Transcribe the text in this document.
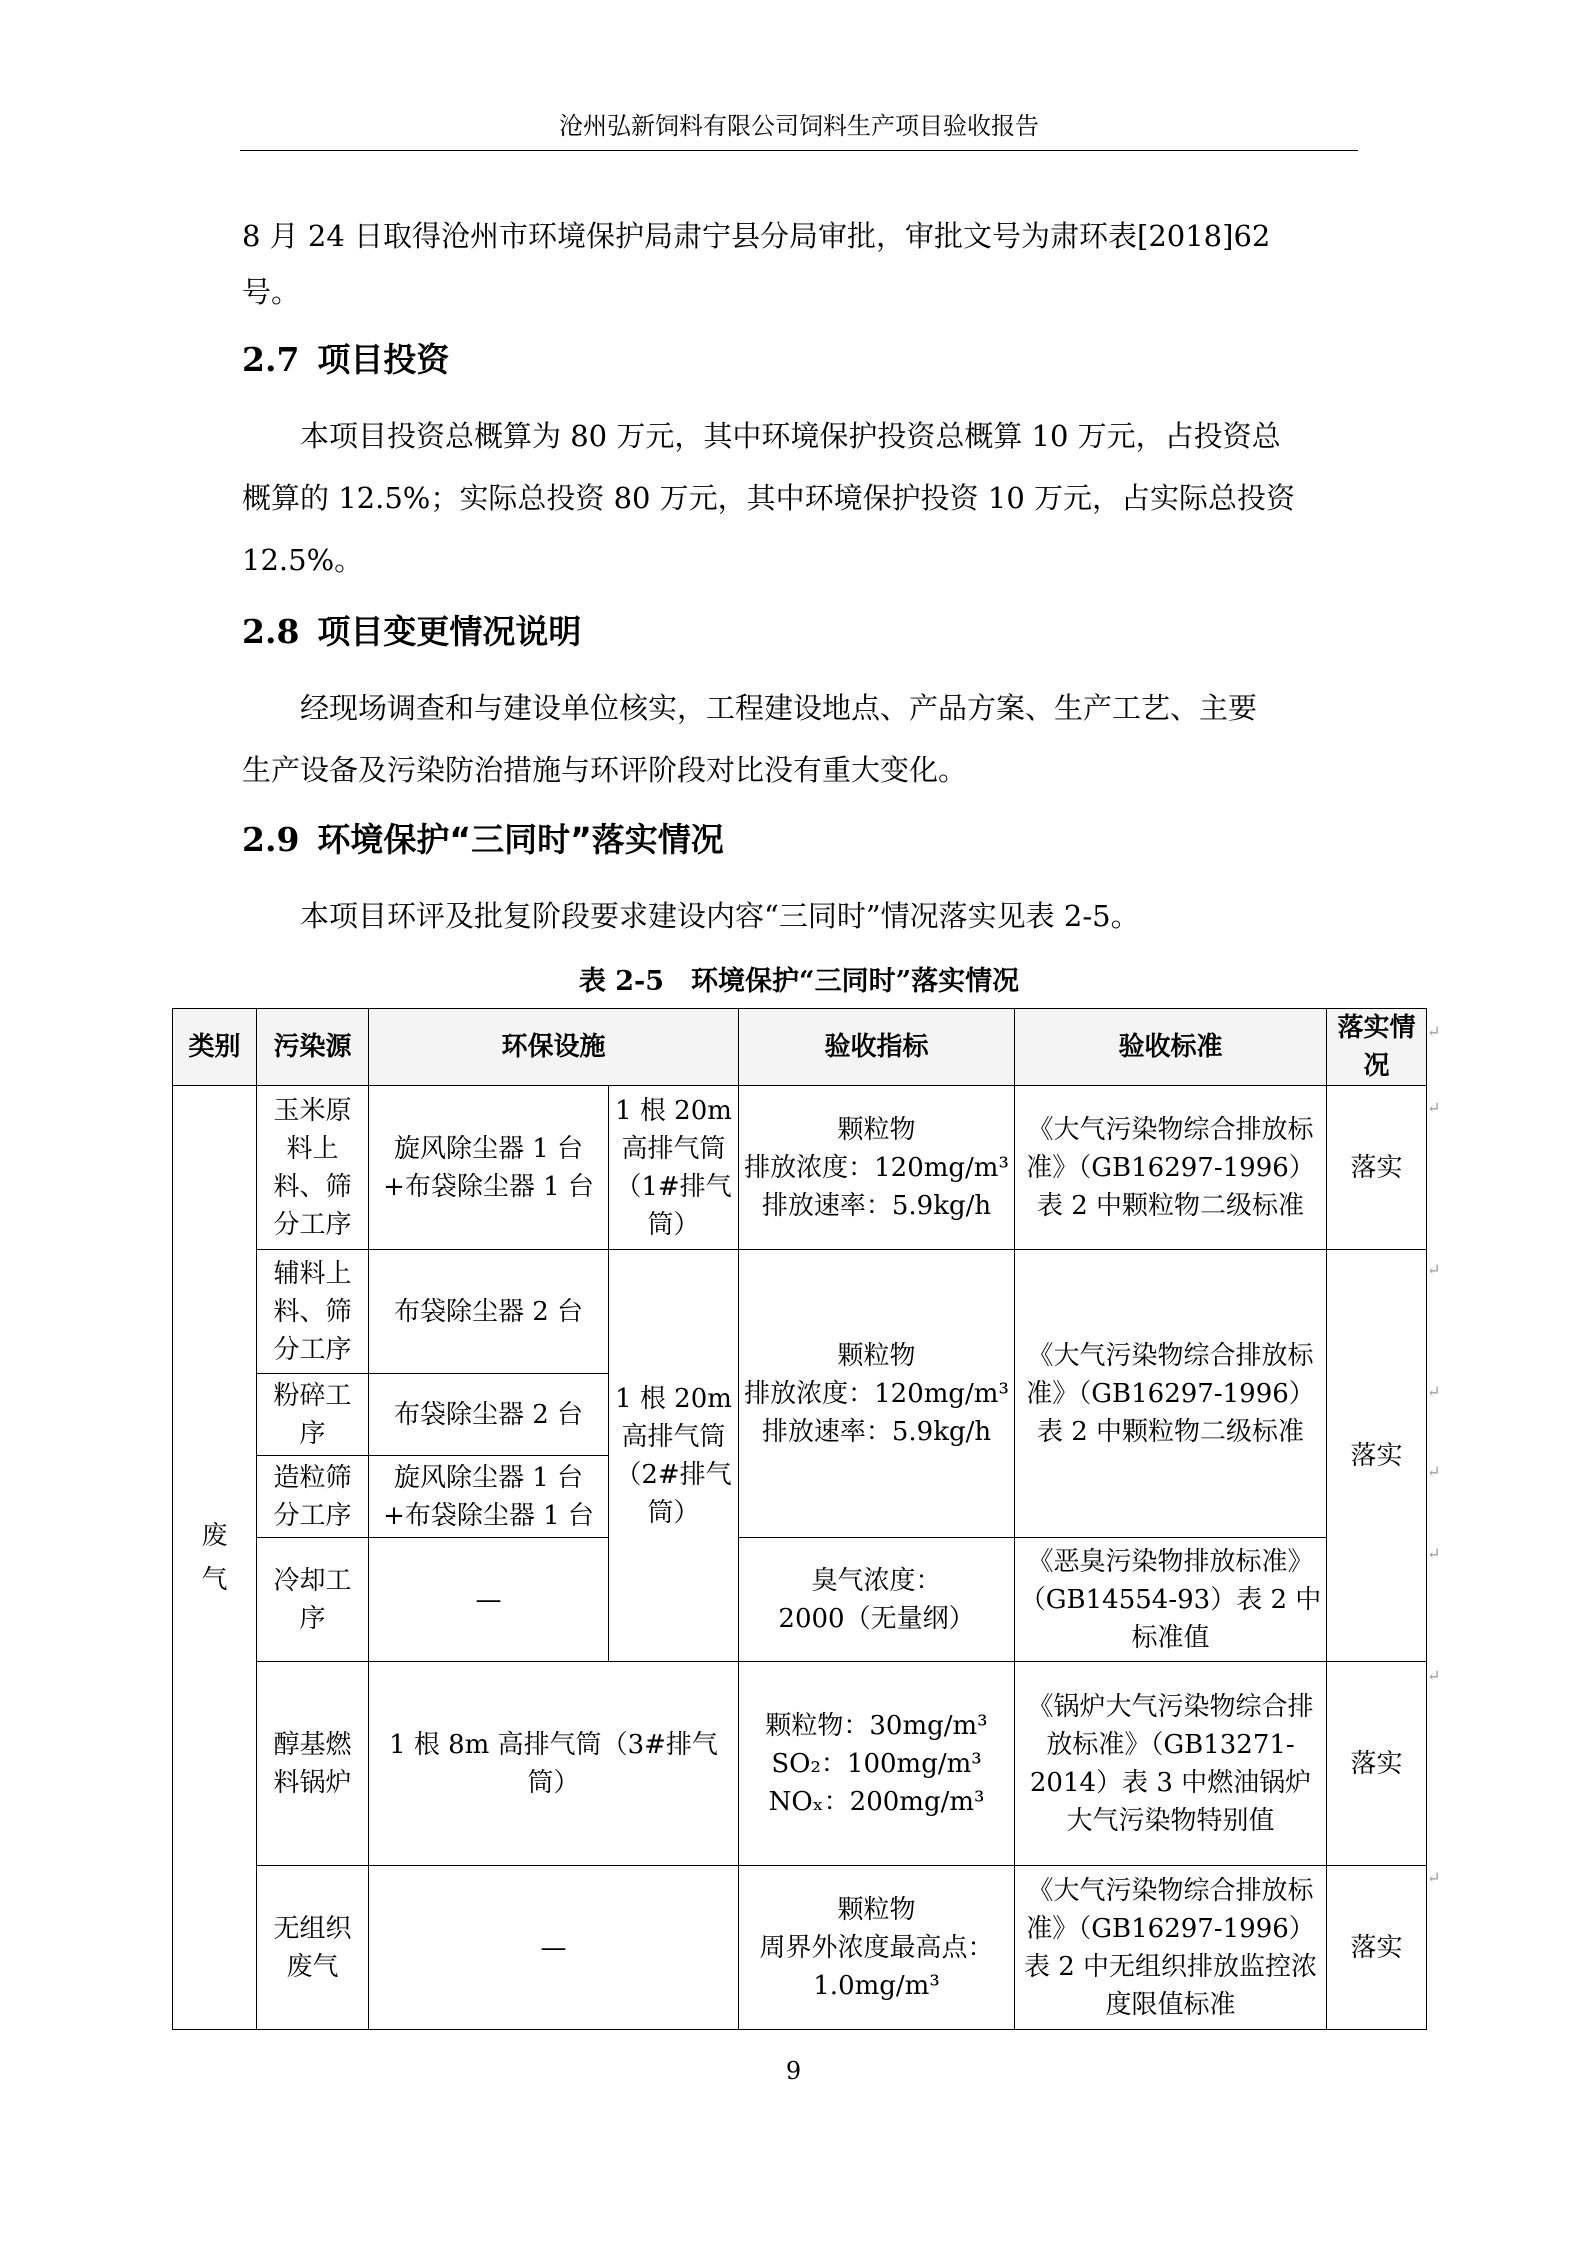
沧州弘新饲料有限公司饲料生产项目验收报告
8 月 24 日取得沧州市环境保护局肃宁县分局审批，审批文号为肃环表[2018]62
号。
2.7 项目投资
本项目投资总概算为 80 万元，其中环境保护投资总概算 10 万元，占投资总
概算的 12.5%；实际总投资 80 万元，其中环境保护投资 10 万元，占实际总投资
12.5%。
2.8 项目变更情况说明
经现场调查和与建设单位核实，工程建设地点、产品方案、生产工艺、主要
生产设备及污染防治措施与环评阶段对比没有重大变化。
2.9 环境保护“三同时”落实情况
本项目环评及批复阶段要求建设内容“三同时”情况落实见表 2-5。
表 2-5　环境保护“三同时”落实情况
类别	污染源	环保设施		验收指标	验收标准	落实情况
废气	玉米原料上料、筛分工序	旋风除尘器 1 台+布袋除尘器 1 台	1 根 20m 高排气筒（1#排气筒）	颗粒物
排放浓度：120mg/m³
排放速率：5.9kg/h	《大气污染物综合排放标准》（GB16297-1996）表 2 中颗粒物二级标准	落实
	辅料上料、筛分工序	布袋除尘器 2 台	1 根 20m 高排气筒（2#排气筒）	颗粒物
排放浓度：120mg/m³
排放速率：5.9kg/h	《大气污染物综合排放标准》（GB16297-1996）表 2 中颗粒物二级标准	落实
	粉碎工序	布袋除尘器 2 台				
	造粒筛分工序	旋风除尘器 1 台+布袋除尘器 1 台				
	冷却工序	—		臭气浓度：
2000（无量纲）	《恶臭污染物排放标准》（GB14554-93）表 2 中标准值	
	醇基燃料锅炉	1 根 8m 高排气筒（3#排气筒）		颗粒物：30mg/m³
SO₂：100mg/m³
NOₓ：200mg/m³	《锅炉大气污染物综合排放标准》（GB13271-2014）表 3 中燃油锅炉大气污染物特别值	落实
	无组织废气	—		颗粒物
周界外浓度最高点：
1.0mg/m³	《大气污染物综合排放标准》（GB16297-1996）表 2 中无组织排放监控浓度限值标准	落实
↵
↵
↵
↵
↵
↵
↵
↵
9
